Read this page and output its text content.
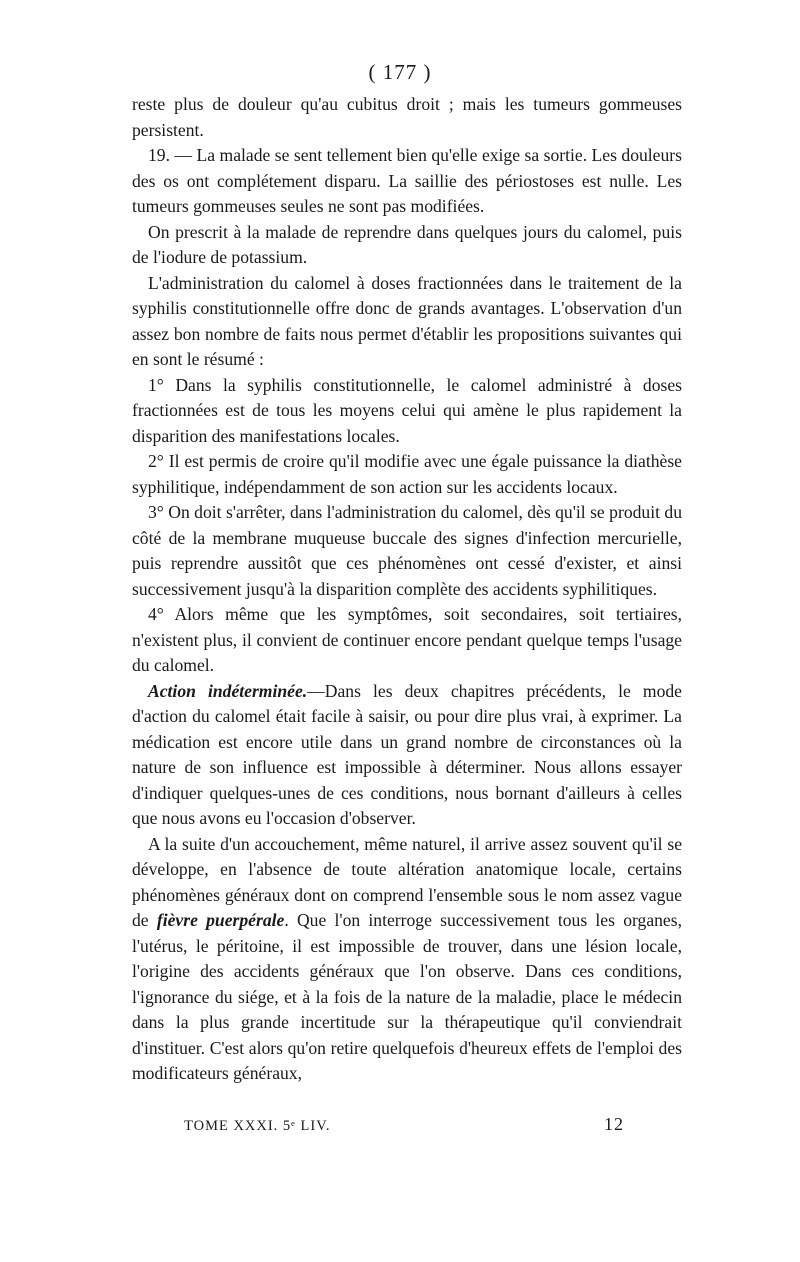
( 177 )

reste plus de douleur qu'au cubitus droit ; mais les tumeurs gommeuses persistent.

19. — La malade se sent tellement bien qu'elle exige sa sortie. Les douleurs des os ont complétement disparu. La saillie des périostoses est nulle. Les tumeurs gommeuses seules ne sont pas modifiées.

On prescrit à la malade de reprendre dans quelques jours du calomel, puis de l'iodure de potassium.

L'administration du calomel à doses fractionnées dans le traitement de la syphilis constitutionnelle offre donc de grands avantages. L'observation d'un assez bon nombre de faits nous permet d'établir les propositions suivantes qui en sont le résumé :

1° Dans la syphilis constitutionnelle, le calomel administré à doses fractionnées est de tous les moyens celui qui amène le plus rapidement la disparition des manifestations locales.

2° Il est permis de croire qu'il modifie avec une égale puissance la diathèse syphilitique, indépendamment de son action sur les accidents locaux.

3° On doit s'arrêter, dans l'administration du calomel, dès qu'il se produit du côté de la membrane muqueuse buccale des signes d'infection mercurielle, puis reprendre aussitôt que ces phénomènes ont cessé d'exister, et ainsi successivement jusqu'à la disparition complète des accidents syphilitiques.

4° Alors même que les symptômes, soit secondaires, soit tertiaires, n'existent plus, il convient de continuer encore pendant quelque temps l'usage du calomel.

Action indéterminée.—Dans les deux chapitres précédents, le mode d'action du calomel était facile à saisir, ou pour dire plus vrai, à exprimer. La médication est encore utile dans un grand nombre de circonstances où la nature de son influence est impossible à déterminer. Nous allons essayer d'indiquer quelques-unes de ces conditions, nous bornant d'ailleurs à celles que nous avons eu l'occasion d'observer.

A la suite d'un accouchement, même naturel, il arrive assez souvent qu'il se développe, en l'absence de toute altération anatomique locale, certains phénomènes généraux dont on comprend l'ensemble sous le nom assez vague de fièvre puerpérale. Que l'on interroge successivement tous les organes, l'utérus, le péritoine, il est impossible de trouver, dans une lésion locale, l'origine des accidents généraux que l'on observe. Dans ces conditions, l'ignorance du siége, et à la fois de la nature de la maladie, place le médecin dans la plus grande incertitude sur la thérapeutique qu'il conviendrait d'instituer. C'est alors qu'on retire quelquefois d'heureux effets de l'emploi des modificateurs généraux,

TOME XXXI. 5ᵉ LIV.	12
